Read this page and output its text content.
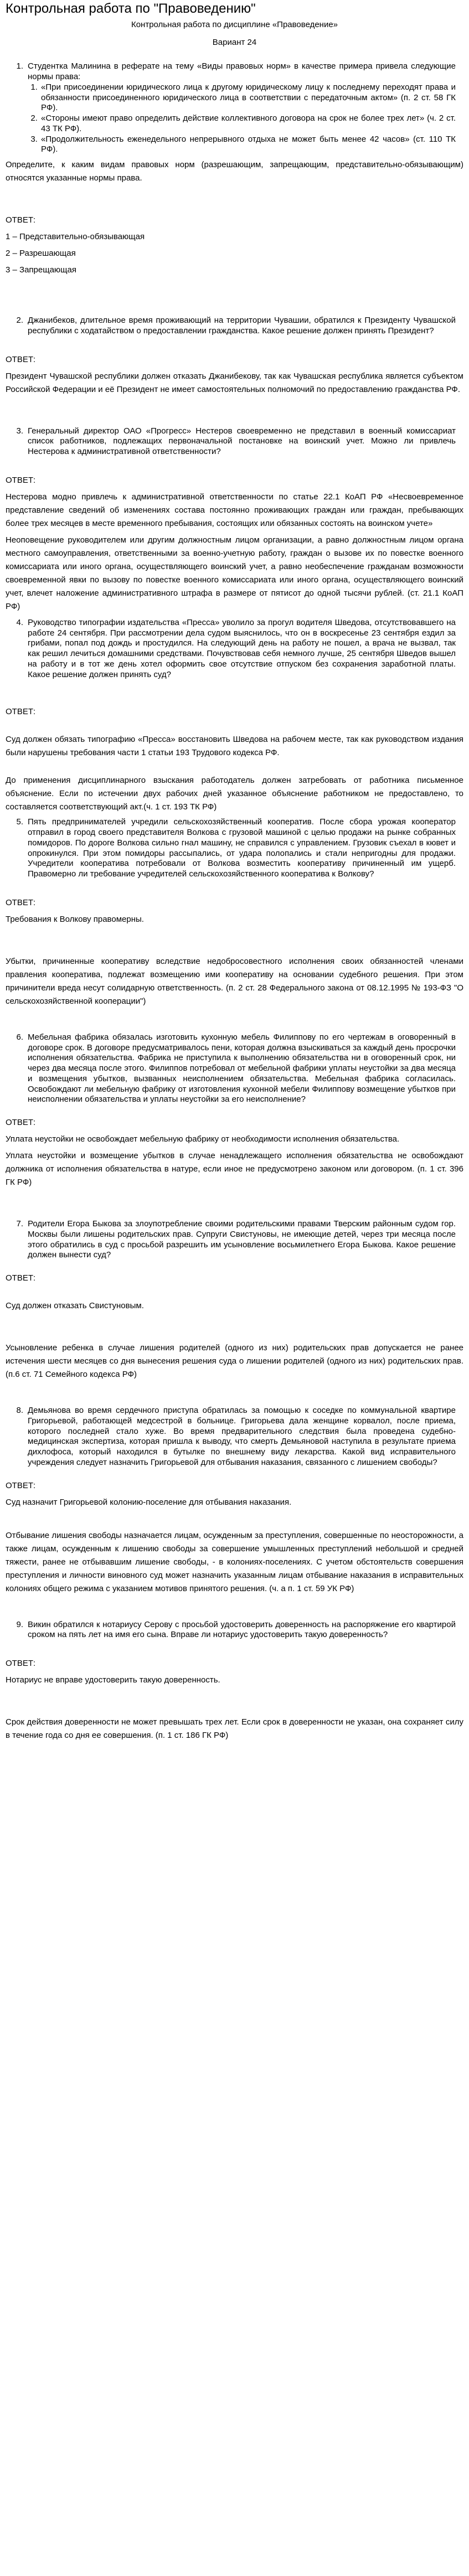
Контрольная работа по "Правоведению"
Контрольная работа по дисциплине «Правоведение»
Вариант 24
1. Студентка Малинина в реферате на тему «Виды правовых норм» в качестве примера привела следующие нормы права:
1. «При присоединении юридического лица к другому юридическому лицу к последнему переходят права и обязанности присоединенного юридического лица в соответствии с передаточным актом» (п. 2 ст. 58 ГК РФ).
2. «Стороны имеют право определить действие коллективного договора на срок не более трех лет» (ч. 2 ст. 43 ТК РФ).
3. «Продолжительность еженедельного непрерывного отдыха не может быть менее 42 часов» (ст. 110 ТК РФ).

Определите, к каким видам правовых норм (разрешающим, запрещающим, представительно-обязывающим) относятся указанные нормы права.

ОТВЕТ:

1 – Представительно-обязывающая

2 – Разрешающая

3 – Запрещающая

2. Джанибеков, длительное время проживающий на территории Чувашии, обратился к Президенту Чувашской республики с ходатайством о предоставлении гражданства. Какое решение должен принять Президент?

ОТВЕТ:

Президент Чувашской республики должен отказать Джанибекову, так как Чувашская республика является субъектом Российской Федерации и её Президент не имеет самостоятельных полномочий по предоставлению гражданства РФ.

3. Генеральный директор ОАО «Прогресс» Нестеров своевременно не представил в военный комиссариат список работников, подлежащих первоначальной постановке на воинский учет. Можно ли привлечь Нестерова к административной ответственности?

ОТВЕТ:

Нестерова модно привлечь к административной ответственности по статье 22.1 КоАП РФ «Несвоевременное представление сведений об изменениях состава постоянно проживающих граждан или граждан, пребывающих более трех месяцев в месте временного пребывания, состоящих или обязанных состоять на воинском учете»

Неоповещение руководителем или другим должностным лицом организации, а равно должностным лицом органа местного самоуправления, ответственными за военно-учетную работу, граждан о вызове их по повестке военного комиссариата или иного органа, осуществляющего воинский учет, а равно необеспечение гражданам возможности своевременной явки по вызову по повестке военного комиссариата или иного органа, осуществляющего воинский учет, влечет наложение административного штрафа в размере от пятисот до одной тысячи рублей. (ст. 21.1 КоАП РФ)

4. Руководство типографии издательства «Пресса» уволило за прогул водителя Шведова, отсутствовавшего на работе 24 сентября. При рассмотрении дела судом выяснилось, что он в воскресенье 23 сентября ездил за грибами, попал под дождь и простудился. На следующий день на работу не пошел, а врача не вызвал, так как решил лечиться домашними средствами. Почувствовав себя немного лучше, 25 сентября Шведов вышел на работу и в тот же день хотел оформить свое отсутствие отпуском без сохранения заработной платы. Какое решение должен принять суд?

ОТВЕТ:

Суд должен обязать типографию «Пресса» восстановить Шведова на рабочем месте, так как руководством издания были нарушены требования части 1 статьи 193 Трудового кодекса РФ.

До применения дисциплинарного взыскания работодатель должен затребовать от работника письменное объяснение. Если по истечении двух рабочих дней указанное объяснение работником не предоставлено, то составляется соответствующий акт.(ч. 1 ст. 193 ТК РФ)

5. Пять предпринимателей учредили сельскохозяйственный кооператив. После сбора урожая кооператор отправил в город своего представителя Волкова с грузовой машиной с целью продажи на рынке собранных помидоров. По дороге Волкова сильно гнал машину, не справился с управлением. Грузовик съехал в кювет и опрокинулся. При этом помидоры рассыпались, от удара полопались и стали непригодны для продажи. Учредители кооператива потребовали от Волкова возместить кооперативу причиненный им ущерб. Правомерно ли требование учредителей сельскохозяйственного кооператива к Волкову?

ОТВЕТ:

Требования к Волкову правомерны.

Убытки, причиненные кооперативу вследствие недобросовестного исполнения своих обязанностей членами правления кооператива, подлежат возмещению ими кооперативу на основании судебного решения. При этом причинители вреда несут солидарную ответственность. (п. 2 ст. 28 Федерального закона от 08.12.1995 № 193-ФЗ "О сельскохозяйственной кооперации")

6. Мебельная фабрика обязалась изготовить кухонную мебель Филиппову по его чертежам в оговоренный в договоре срок. В договоре предусматривалось пени, которая должна взыскиваться за каждый день просрочки исполнения обязательства. Фабрика не приступила к выполнению обязательства ни в оговоренный срок, ни через два месяца после этого. Филиппов потребовал от мебельной фабрики уплаты неустойки за два месяца и возмещения убытков, вызванных неисполнением обязательства. Мебельная фабрика согласилась. Освобождают ли мебельную фабрику от изготовления кухонной мебели Филиппову возмещение убытков при неисполнении обязательства и уплаты неустойки за его неисполнение?

ОТВЕТ:

Уплата неустойки не освобождает мебельную фабрику от необходимости исполнения обязательства.

Уплата неустойки и возмещение убытков в случае ненадлежащего исполнения обязательства не освобождают должника от исполнения обязательства в натуре, если иное не предусмотрено законом или договором. (п. 1 ст. 396 ГК РФ)

7. Родители Егора Быкова за злоупотребление своими родительскими правами Тверским районным судом гор. Москвы были лишены родительских прав. Супруги Свистуновы, не имеющие детей, через три месяца после этого обратились в суд с просьбой разрешить им усыновление восьмилетнего Егора Быкова. Какое решение должен вынести суд?

ОТВЕТ:

Суд должен отказать Свистуновым.

Усыновление ребенка в случае лишения родителей (одного из них) родительских прав допускается не ранее истечения шести месяцев со дня вынесения решения суда о лишении родителей (одного из них) родительских прав. (п.6 ст. 71 Семейного кодекса РФ)

8. Демьянова во время сердечного приступа обратилась за помощью к соседке по коммунальной квартире Григорьевой, работающей медсестрой в больнице. Григорьева дала женщине корвалол, после приема, которого последней стало хуже. Во время предварительного следствия была проведена судебно-медицинская экспертиза, которая пришла к выводу, что смерть Демьяновой наступила в результате приема дихлофоса, который находился в бутылке по внешнему виду лекарства. Какой вид исправительного учреждения следует назначить Григорьевой для отбывания наказания, связанного с лишением свободы?

ОТВЕТ:

Суд назначит Григорьевой колонию-поселение для отбывания наказания.

Отбывание лишения свободы назначается лицам, осужденным за преступления, совершенные по неосторожности, а также лицам, осужденным к лишению свободы за совершение умышленных преступлений небольшой и средней тяжести, ранее не отбывавшим лишение свободы, - в колониях-поселениях. С учетом обстоятельств совершения преступления и личности виновного суд может назначить указанным лицам отбывание наказания в исправительных колониях общего режима с указанием мотивов принятого решения. (ч. а п. 1 ст. 59 УК РФ)

9. Викин обратился к нотариусу Серову с просьбой удостоверить доверенность на распоряжение его квартирой сроком на пять лет на имя его сына. Вправе ли нотариус удостоверить такую доверенность?

ОТВЕТ:

Нотариус не вправе удостоверить такую доверенность.

Срок действия доверенности не может превышать трех лет. Если срок в доверенности не указан, она сохраняет силу в течение года со дня ее совершения. (п. 1 ст. 186 ГК РФ)
